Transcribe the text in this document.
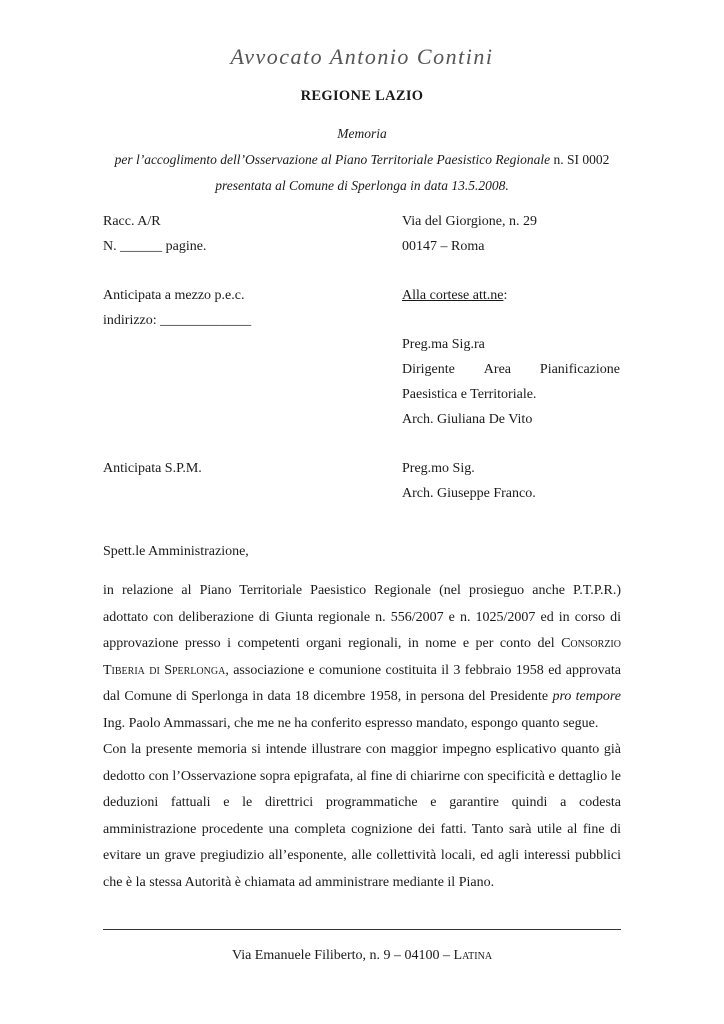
Avvocato Antonio Contini
REGIONE LAZIO
Memoria
per l’accoglimento dell’Osservazione al Piano Territoriale Paesistico Regionale n. SI 0002
presentata al Comune di Sperlonga in data 13.5.2008.
Racc. A/R	Via del Giorgione, n. 29
N. ______ pagine.	00147 – Roma
Anticipata a mezzo p.e.c.	Alla cortese att.ne:
indirizzo: _____________
Preg.ma Sig.ra
Dirigente Area Pianificazione
Paesistica e Territoriale.
Arch. Giuliana De Vito
Anticipata S.P.M.	Preg.mo Sig.
Arch. Giuseppe Franco.
Spett.le Amministrazione,
in relazione al Piano Territoriale Paesistico Regionale (nel prosieguo anche P.T.P.R.) adottato con deliberazione di Giunta regionale n. 556/2007 e n. 1025/2007 ed in corso di approvazione presso i competenti organi regionali, in nome e per conto del Consorzio Tiberia di Sperlonga, associazione e comunione costituita il 3 febbraio 1958 ed approvata dal Comune di Sperlonga in data 18 dicembre 1958, in persona del Presidente pro tempore Ing. Paolo Ammassari, che me ne ha conferito espresso mandato, espongo quanto segue.
Con la presente memoria si intende illustrare con maggior impegno esplicativo quanto già dedotto con l’Osservazione sopra epigrafata, al fine di chiarirne con specificità e dettaglio le deduzioni fattuali e le direttrici programmatiche e garantire quindi a codesta amministrazione procedente una completa cognizione dei fatti. Tanto sarà utile al fine di evitare un grave pregiudizio all’esponente, alle collettività locali, ed agli interessi pubblici che è la stessa Autorità è chiamata ad amministrare mediante il Piano.
Via Emanuele Filiberto, n. 9 – 04100 – Latina
